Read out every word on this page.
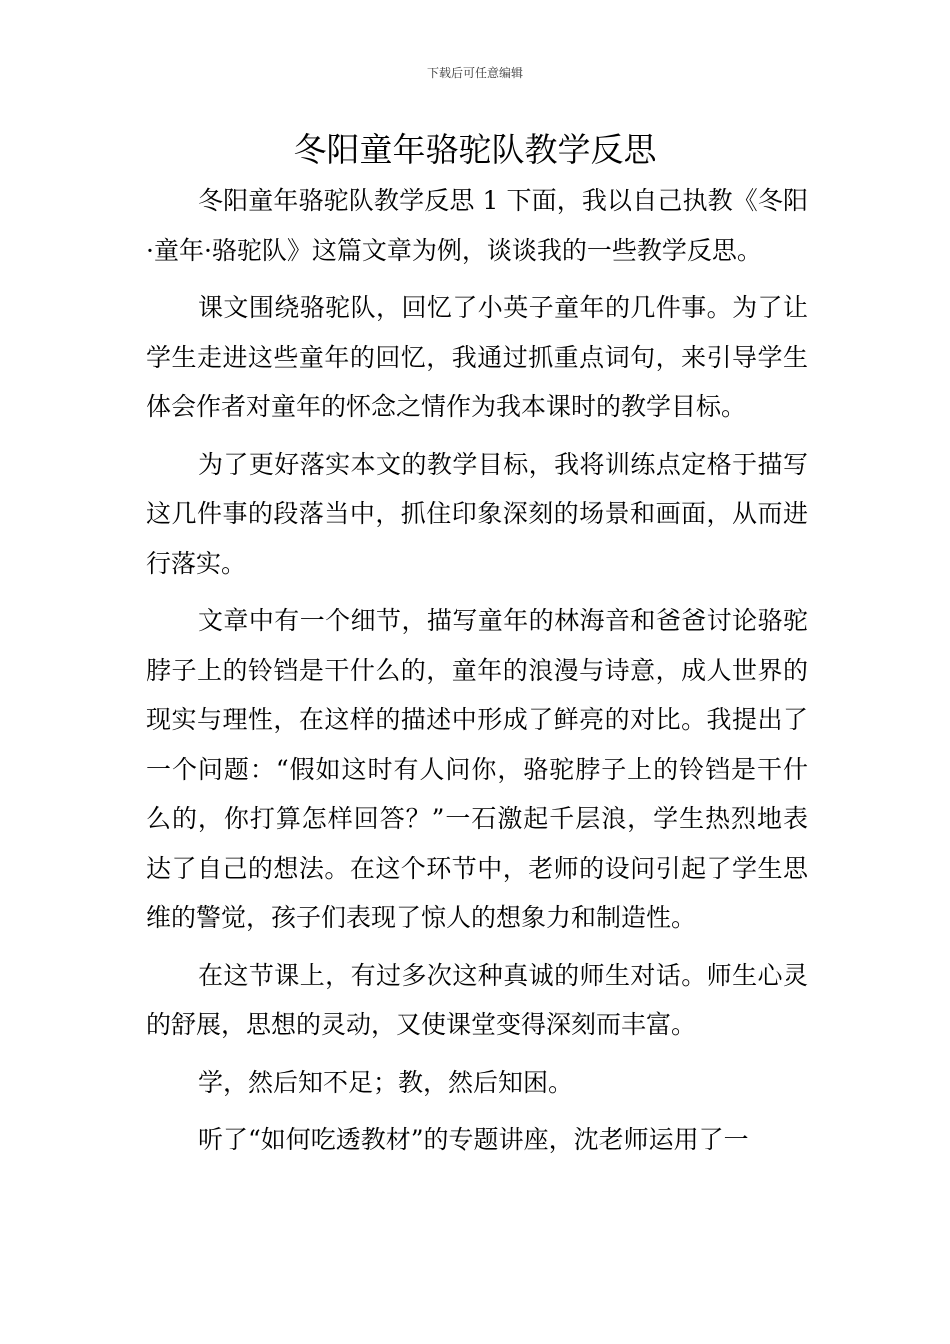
下载后可任意编辑
冬阳童年骆驼队教学反思

冬阳童年骆驼队教学反思 1 下面，我以自己执教《冬阳·童年·骆驼队》这篇文章为例，谈谈我的一些教学反思。

课文围绕骆驼队，回忆了小英子童年的几件事。为了让学生走进这些童年的回忆，我通过抓重点词句，来引导学生体会作者对童年的怀念之情作为我本课时的教学目标。

为了更好落实本文的教学目标，我将训练点定格于描写这几件事的段落当中，抓住印象深刻的场景和画面，从而进行落实。

文章中有一个细节，描写童年的林海音和爸爸讨论骆驼脖子上的铃铛是干什么的，童年的浪漫与诗意，成人世界的现实与理性，在这样的描述中形成了鲜亮的对比。我提出了一个问题：“假如这时有人问你，骆驼脖子上的铃铛是干什么的，你打算怎样回答？”一石激起千层浪，学生热烈地表达了自己的想法。在这个环节中，老师的设问引起了学生思维的警觉，孩子们表现了惊人的想象力和制造性。

在这节课上，有过多次这种真诚的师生对话。师生心灵的舒展，思想的灵动，又使课堂变得深刻而丰富。

学，然后知不足；教，然后知困。

听了“如何吃透教材”的专题讲座，沈老师运用了一
